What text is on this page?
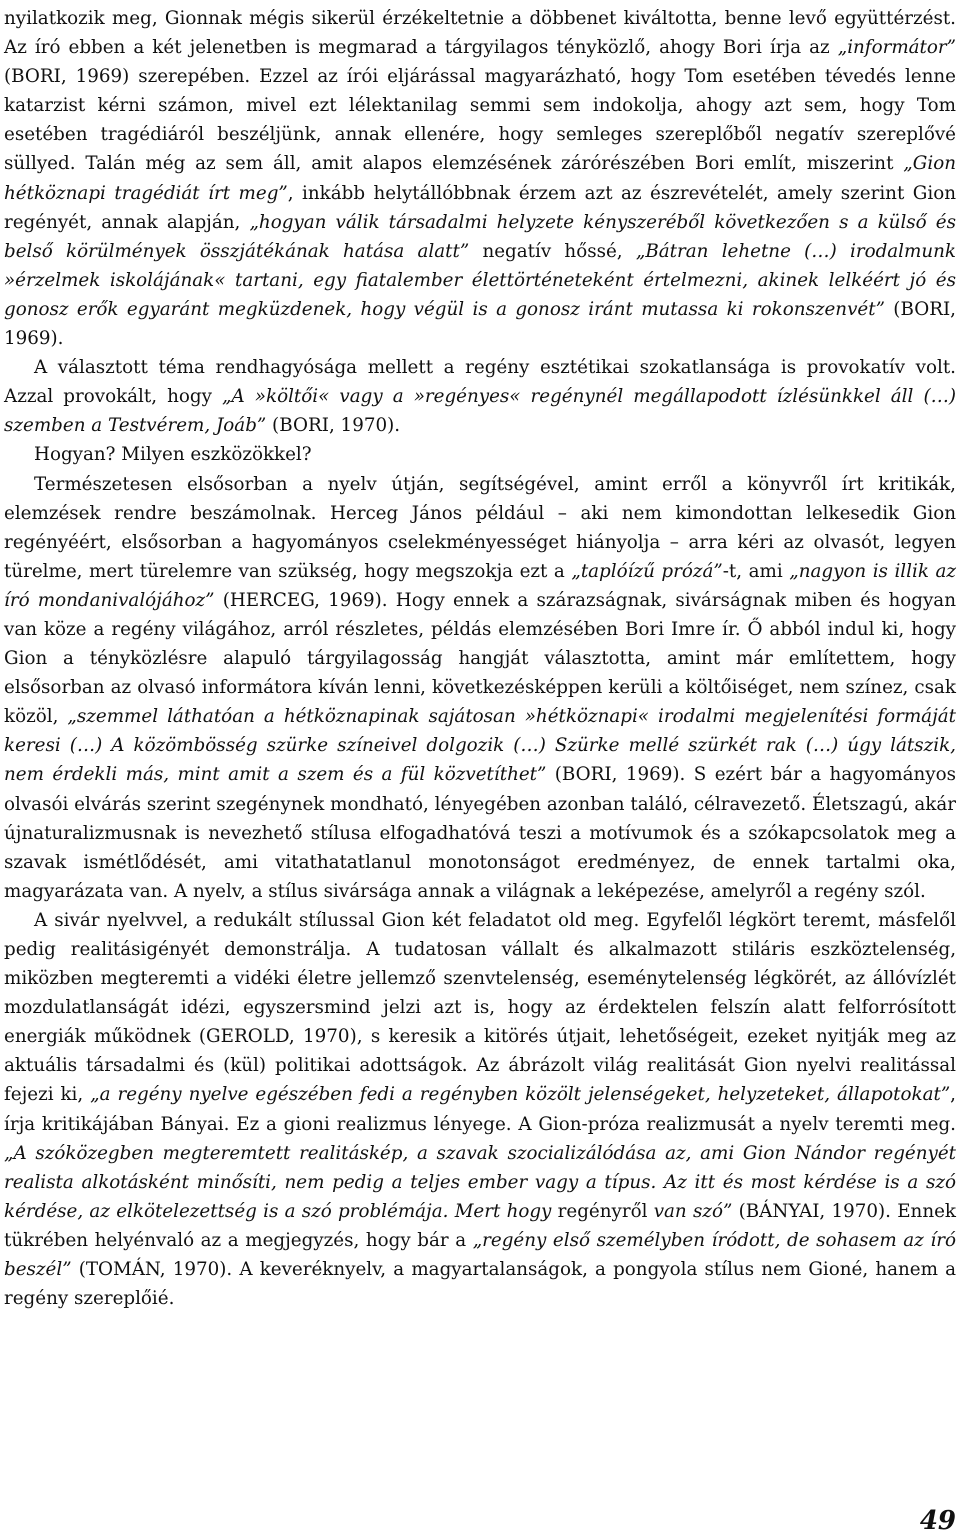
nyilatkozik meg, Gionnak mégis sikerül érzékeltetnie a döbbenet kiváltotta, benne levő együttérzést. Az író ebben a két jelenetben is megmarad a tárgyilagos tényközlő, ahogy Bori írja az „informátor” (BORI, 1969) szerepében. Ezzel az írói eljárással magyarázható, hogy Tom esetében tévedés lenne katarzist kérni számon, mivel ezt lélektanilag semmi sem indokolja, ahogy azt sem, hogy Tom esetében tragédiáról beszéljünk, annak ellenére, hogy semleges szereplőből negatív szereplővé süllyed. Talán még az sem áll, amit alapos elemzésének zárórészében Bori említ, miszerint „Gion hétköznapi tragédiát írt meg”, inkább helytállóbbnak érzem azt az észrevételét, amely szerint Gion regényét, annak alapján, „hogyan válik társadalmi helyzete kényszeréből következően s a külső és belső körülmények összjátékának hatása alatt” negatív hőssé, „Bátran lehetne (…) irodalmunk »érzelmek iskolájának« tartani, egy fiatalember élettörténeteként értelmezni, akinek lelkéért jó és gonosz erők egyaránt megküzdenek, hogy végül is a gonosz iránt mutassa ki rokonszenvét” (BORI, 1969).

A választott téma rendhagyósága mellett a regény esztétikai szokatlansága is provokatív volt. Azzal provokált, hogy „A »költői« vagy a »regényes« regénynél megállapodott ízlésünkkel áll (…) szemben a Testvérem, Joáb” (BORI, 1970).

Hogyan? Milyen eszközökkel?

Természetesen elsősorban a nyelv útján, segítségével, amint erről a könyvről írt kritikák, elemzések rendre beszámolnak. Herceg János például – aki nem kimondottan lelkesedik Gion regényéért, elsősorban a hagyományos cselekményességet hiányolja – arra kéri az olvasót, legyen türelme, mert türelemre van szükség, hogy megszokja ezt a „taplóízű prózá”-t, ami „nagyon is illik az író mondanivalójához” (HERCEG, 1969). Hogy ennek a szárazságnak, sivárságnak miben és hogyan van köze a regény világához, arról részletes, példás elemzésében Bori Imre ír. Ő abból indul ki, hogy Gion a tényközlésre alapuló tárgyilagosság hangját választotta, amint már említettem, hogy elsősorban az olvasó informátora kíván lenni, következésképpen kerüli a költőiséget, nem színez, csak közöl, „szemmel láthatóan a hétköznapinak sajátosan »hétköznapi« irodalmi megjelenítési formáját keresi (…) A közömbösség szürke színeivel dolgozik (…) Szürke mellé szürkét rak (…) úgy látszik, nem érdekli más, mint amit a szem és a fül közvetíthet” (BORI, 1969). S ezért bár a hagyományos olvasói elvárás szerint szegénynek mondható, lényegében azonban találó, célravezető. Életszagú, akár újnaturalizmusnak is nevezhető stílusa elfogadhatóvá teszi a motívumok és a szókapcsolatok meg a szavak ismétlődését, ami vitathatatlanul monotonságot eredményez, de ennek tartalmi oka, magyarázata van. A nyelv, a stílus sivársága annak a világnak a leképezése, amelyről a regény szól.

A sivár nyelvvel, a redukált stílussal Gion két feladatot old meg. Egyfelől légkört teremt, másfelől pedig realitásigényét demonstrálja. A tudatosan vállalt és alkalmazott stiláris eszköztelenség, miközben megteremti a vidéki életre jellemző szenvtelenség, eseménytelenség légkörét, az állóvízlét mozdulatlanságát idézi, egyszersmind jelzi azt is, hogy az érdektelen felszín alatt felforrósított energiák működnek (GEROLD, 1970), s keresik a kitörés útjait, lehetőségeit, ezeket nyitják meg az aktuális társadalmi és (kül) politikai adottságok. Az ábrázolt világ realitását Gion nyelvi realitással fejezi ki, „a regény nyelve egészében fedi a regényben közölt jelenségeket, helyzeteket, állapotokat”, írja kritikájában Bányai. Ez a gioni realizmus lényege. A Gion-próza realizmusát a nyelv teremti meg. „A szóközegben megteremtett realitáskép, a szavak szocializálódása az, ami Gion Nándor regényét realista alkotásként minősíti, nem pedig a teljes ember vagy a típus. Az itt és most kérdése is a szó kérdése, az elkötelezettség is a szó problémája. Mert hogy regényről van szó” (BÁNYAI, 1970). Ennek tükrében helyénvaló az a megjegyzés, hogy bár a „regény első személyben íródott, de sohasem az író beszél” (TOMÁN, 1970). A keveréknyelv, a magyartalanságok, a pongyola stílus nem Gioné, hanem a regény szereplőié.

49
